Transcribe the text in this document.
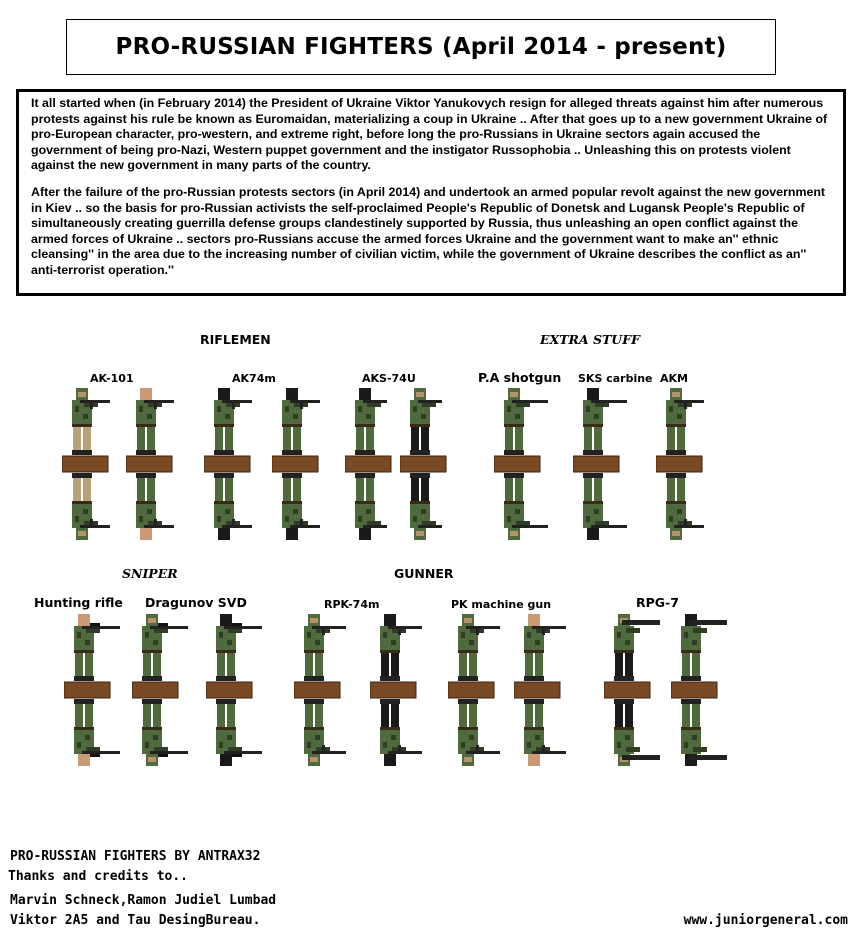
PRO-RUSSIAN FIGHTERS (April 2014 - present)

It all started when (in February 2014) the President of Ukraine Viktor Yanukovych resign for alleged threats against him after numerous protests against his rule be known as Euromaidan, materializing a coup in Ukraine .. After that goes up to a new government Ukraine of pro-European character, pro-western, and extreme right, before long the pro-Russians in Ukraine sectors again accused the government of being pro-Nazi, Western puppet government and the instigator Russophobia .. Unleashing this on protests violent against the new government in many parts of the country.

After the failure of the pro-Russian protests sectors (in April 2014) and undertook an armed popular revolt against the new government in Kiev .. so the basis for pro-Russian activists the self-proclaimed People's Republic of Donetsk and Lugansk People's Republic of simultaneously creating guerrilla defense groups clandestinely supported by Russia, thus unleashing an open conflict against the armed forces of Ukraine .. sectors pro-Russians accuse the armed forces Ukraine and the government want to make an'' ethnic cleansing'' in the area due to the increasing number of civilian victim, while the government of Ukraine describes the conflict as an'' anti-terrorist operation.''

RIFLEMEN	EXTRA STUFF
SNIPER	GUNNER
AK-101	AK74m	AKS-74U	P.A shotgun SKS carbine AKM
Hunting rifle Dragunov SVD	RPK-74m	PK machine gun	RPG-7
PRO-RUSSIAN FIGHTERS BY ANTRAX32
Thanks and credits to..
Marvin Schneck,Ramon Judiel Lumbad
Viktor 2A5 and Tau DesingBureau.	www.juniorgeneral.com
